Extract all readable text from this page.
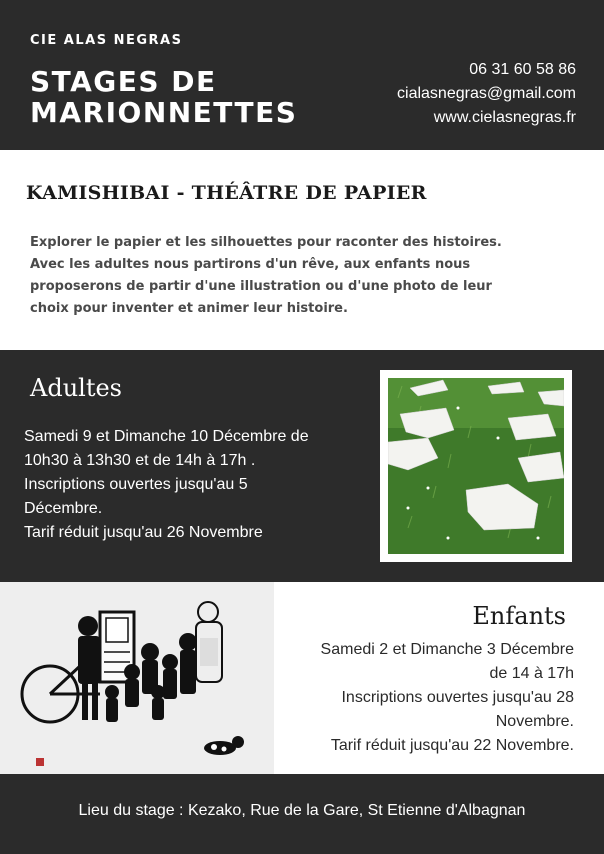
CIE ALAS NEGRAS
STAGES DE
MARIONNETTES
06 31 60 58 86
cialasnegras@gmail.com
www.cielasnegras.fr
KAMISHIBAI - THÉÂTRE DE PAPIER
Explorer le papier et les silhouettes pour raconter des histoires.
Avec les adultes nous partirons d'un rêve, aux enfants nous
proposerons de partir d'une illustration ou d'une photo de leur
choix pour inventer et animer leur histoire.
Adultes
Samedi 9 et Dimanche 10 Décembre de
10h30 à 13h30 et de 14h à 17h .
Inscriptions ouvertes jusqu'au 5
Décembre.
Tarif réduit jusqu'au 26 Novembre
Enfants
Samedi 2 et Dimanche 3 Décembre
de 14 à 17h
Inscriptions ouvertes jusqu'au 28
Novembre.
Tarif réduit jusqu'au 22 Novembre.
Lieu du stage : Kezako, Rue de la Gare, St Etienne d'Albagnan
